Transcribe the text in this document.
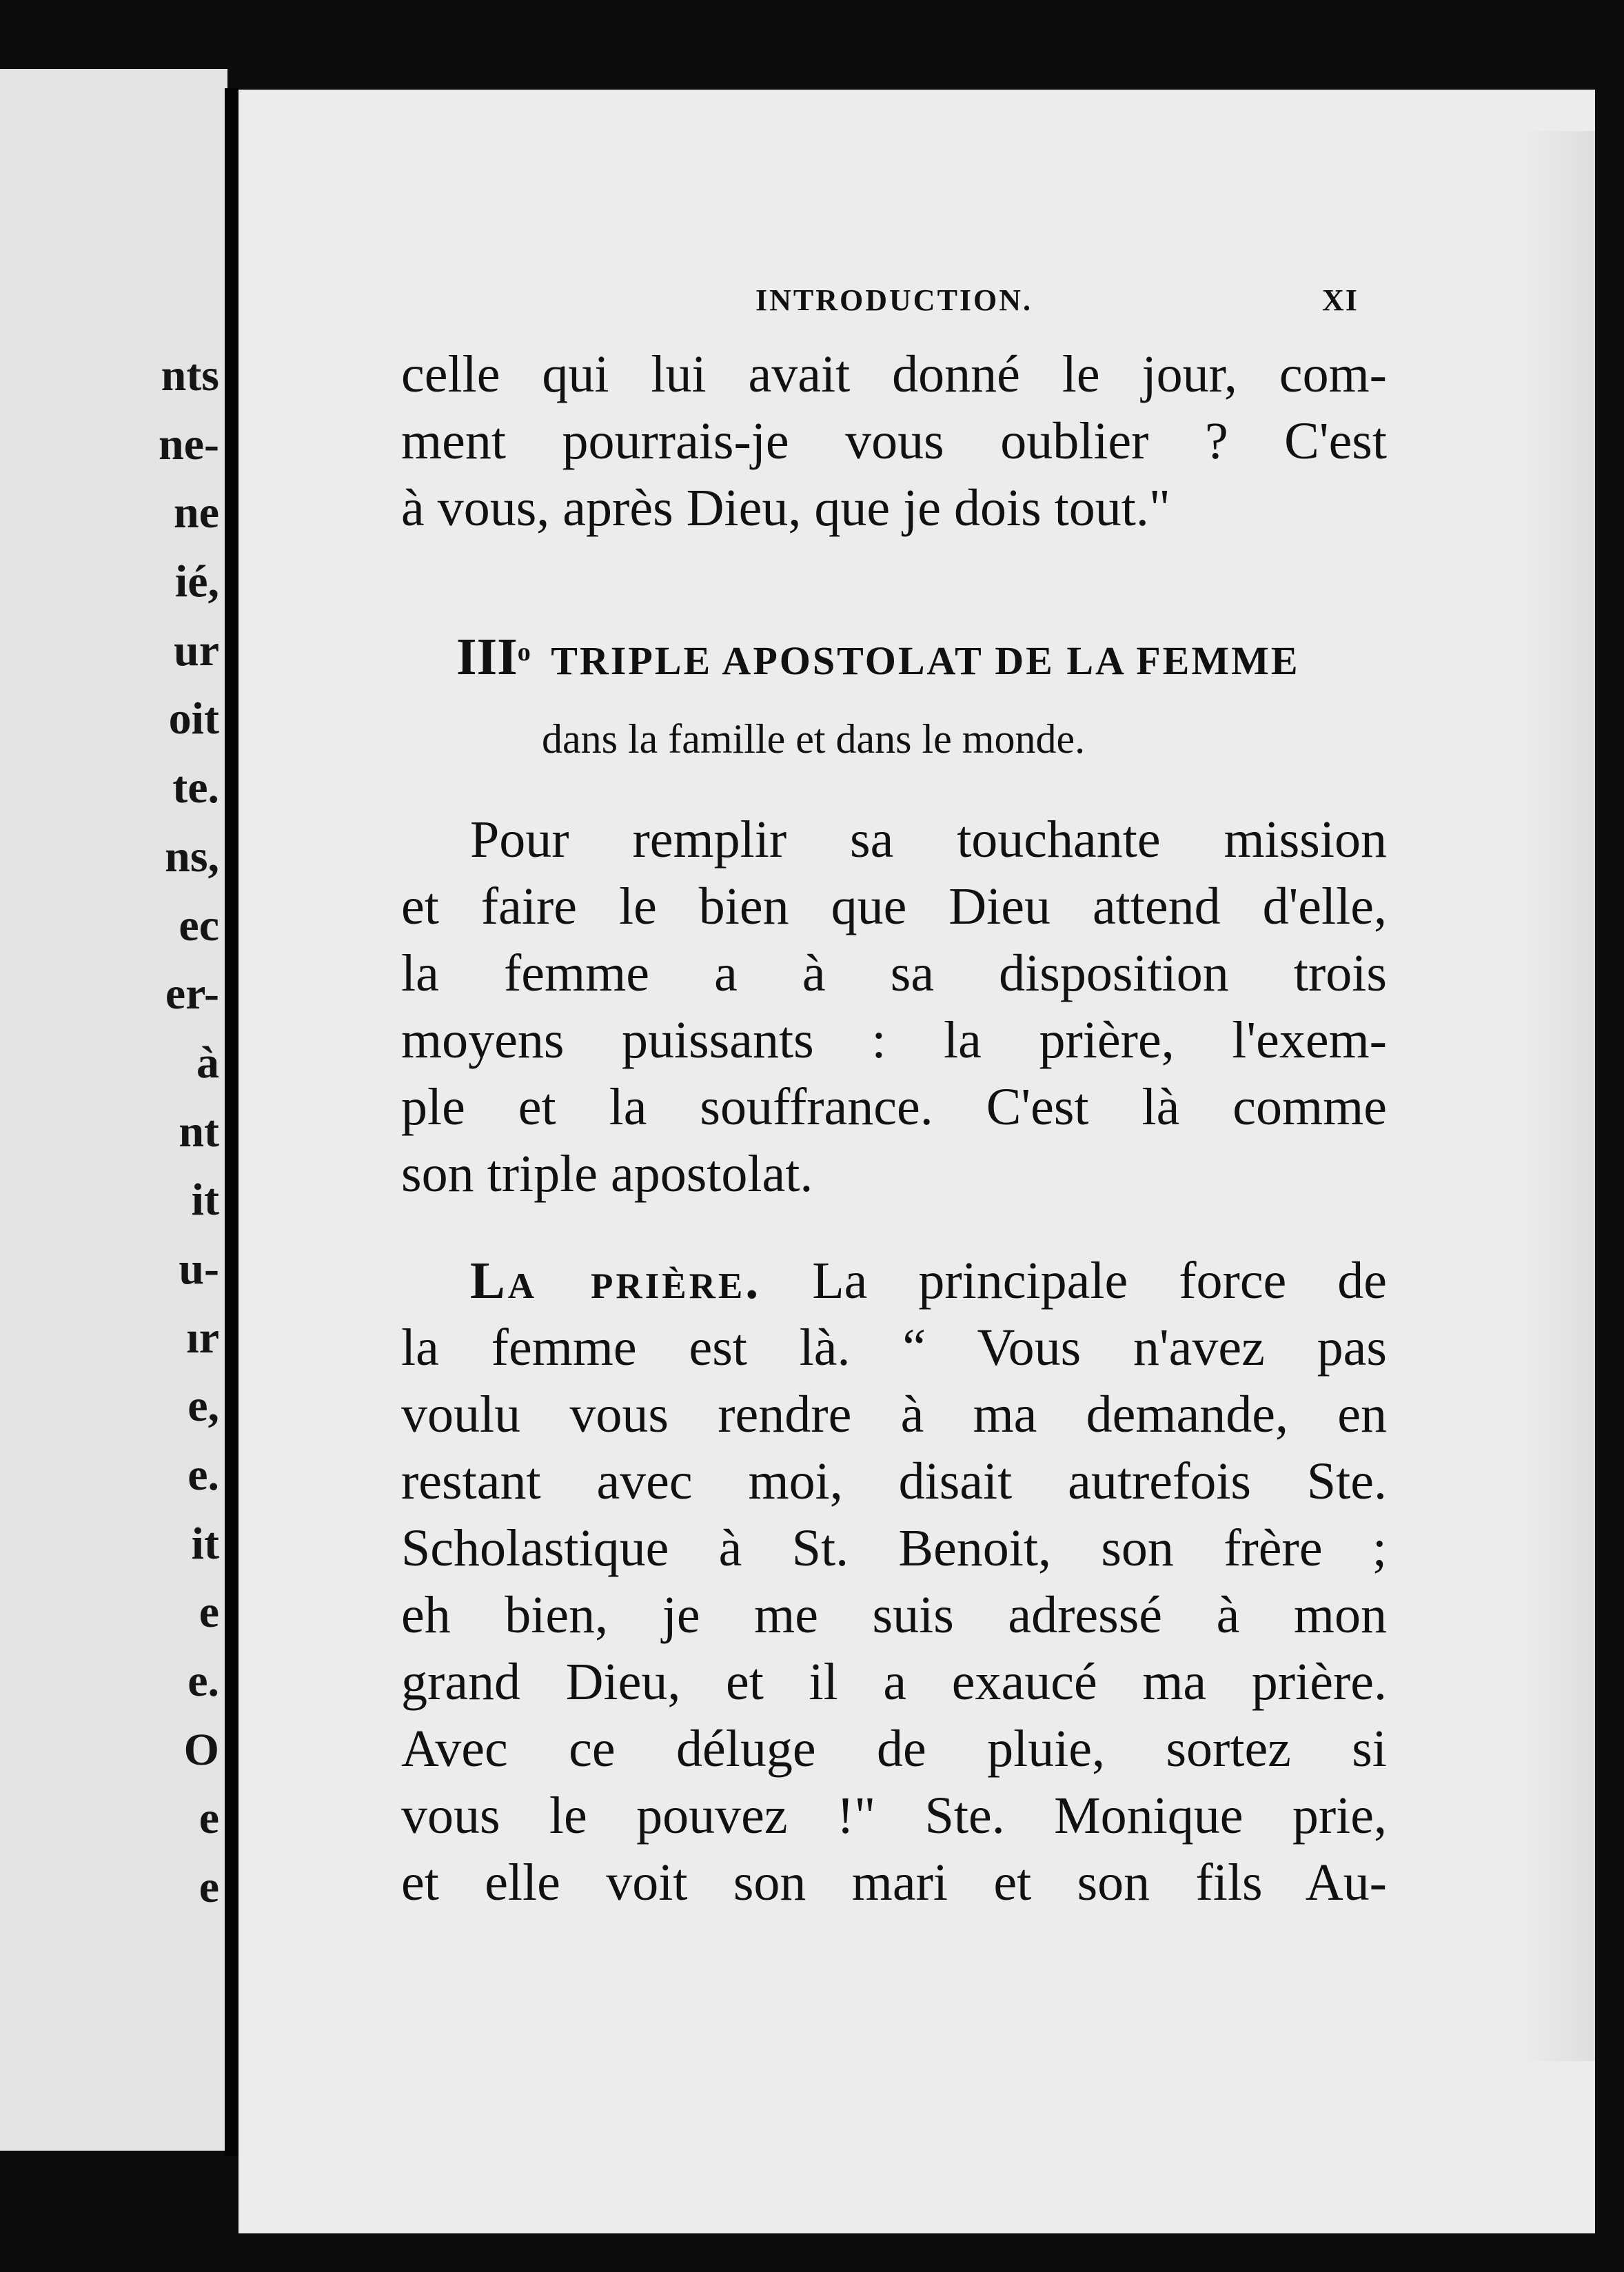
nts
ne-
ne
ié,
ur
oit
te.
ns,
ec
er-
à
nt
it
u-
ır
e,
e.
it
e
e.
O
e
e
INTRODUCTION.	XI
celle qui lui avait donné le jour, com-
ment pourrais-je vous oublier ? C'est
à vous, après Dieu, que je dois tout."
III$^o$ TRIPLE APOSTOLAT DE LA FEMME
dans la famille et dans le monde.
Pour remplir sa touchante mission
et faire le bien que Dieu attend d'elle,
la femme a à sa disposition trois
moyens puissants : la prière, l'exem-
ple et la souffrance. C'est là comme
son triple apostolat.
La prière. La principale force de
la femme est là. “ Vous n'avez pas
voulu vous rendre à ma demande, en
restant avec moi, disait autrefois Ste.
Scholastique à St. Benoit, son frère ;
eh bien, je me suis adressé à mon
grand Dieu, et il a exaucé ma prière.
Avec ce déluge de pluie, sortez si
vous le pouvez !" Ste. Monique prie,
et elle voit son mari et son fils Au-
